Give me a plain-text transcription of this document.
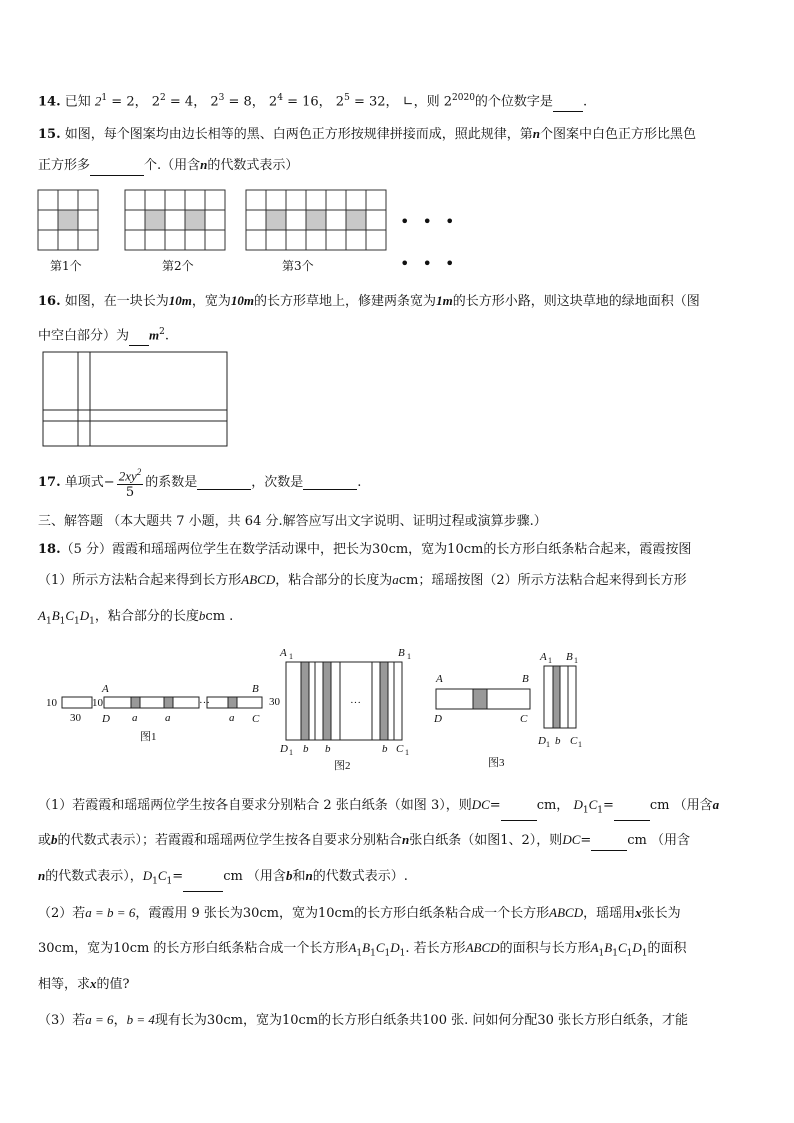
14. 已知 $2^1 = 2$， $2^2 = 4$， $2^3 = 8$， $2^4 = 16$， $2^5 = 32$， ∟，则 $2^{2020}$的个位数字是 .
15. 如图，每个图案均由边长相等的黑、白两色正方形按规律拼接而成，照此规律，第n个图案中白色正方形比黑色
正方形多	个.（用含n的代数式表示）
• • •
• • •
第1个	第2个	第3个
16. 如图，在一块长为10m，宽为10m的长方形草地上，修建两条宽为1m的长方形小路，则这块草地的绿地面积（图
中空白部分）为 $m^2$.
17. 单项式− $\frac{2xy^2}{5}$ 的系数是	，次数是	.
三、解答题 （本大题共 7 小题，共 64 分.解答应写出文字说明、证明过程或演算步骤.）
18.（5 分）霞霞和瑶瑶两位学生在数学活动课中，把长为30cm，宽为10cm的长方形白纸条粘合起来，霞霞按图
（1）所示方法粘合起来得到长方形ABCD，粘合部分的长度为acm；瑶瑶按图（2）所示方法粘合起来得到长方形
$A_1B_1C_1D_1$，粘合部分的长度bcm .
10
30
10
A	B
D	C
a	a	a
···
图1
A 1	B 1
D 1	C 1
30
b b	b
···
图2
A	B
D	C
A 1 B 1
D 1 C 1
b
图3
（1）若霞霞和瑶瑶两位学生按各自要求分别粘合 2 张白纸条（如图 3），则DC=	cm， $D_1C_1=$	cm （用含a
或b的代数式表示）；若霞霞和瑶瑶两位学生按各自要求分别粘合n张白纸条（如图1、2），则DC=	cm （用含
n的代数式表示），$D_1C_1=$	cm （用含b和n的代数式表示）.
（2）若a = b = 6，霞霞用 9 张长为30cm，宽为10cm的长方形白纸条粘合成一个长方形ABCD，瑶瑶用x张长为
30cm，宽为10cm 的长方形白纸条粘合成一个长方形$A_1B_1C_1D_1$. 若长方形ABCD的面积与长方形$A_1B_1C_1D_1$的面积
相等，求x的值?
（3）若a = 6，b = 4现有长为30cm，宽为10cm的长方形白纸条共100 张. 问如何分配30 张长方形白纸条，才能
